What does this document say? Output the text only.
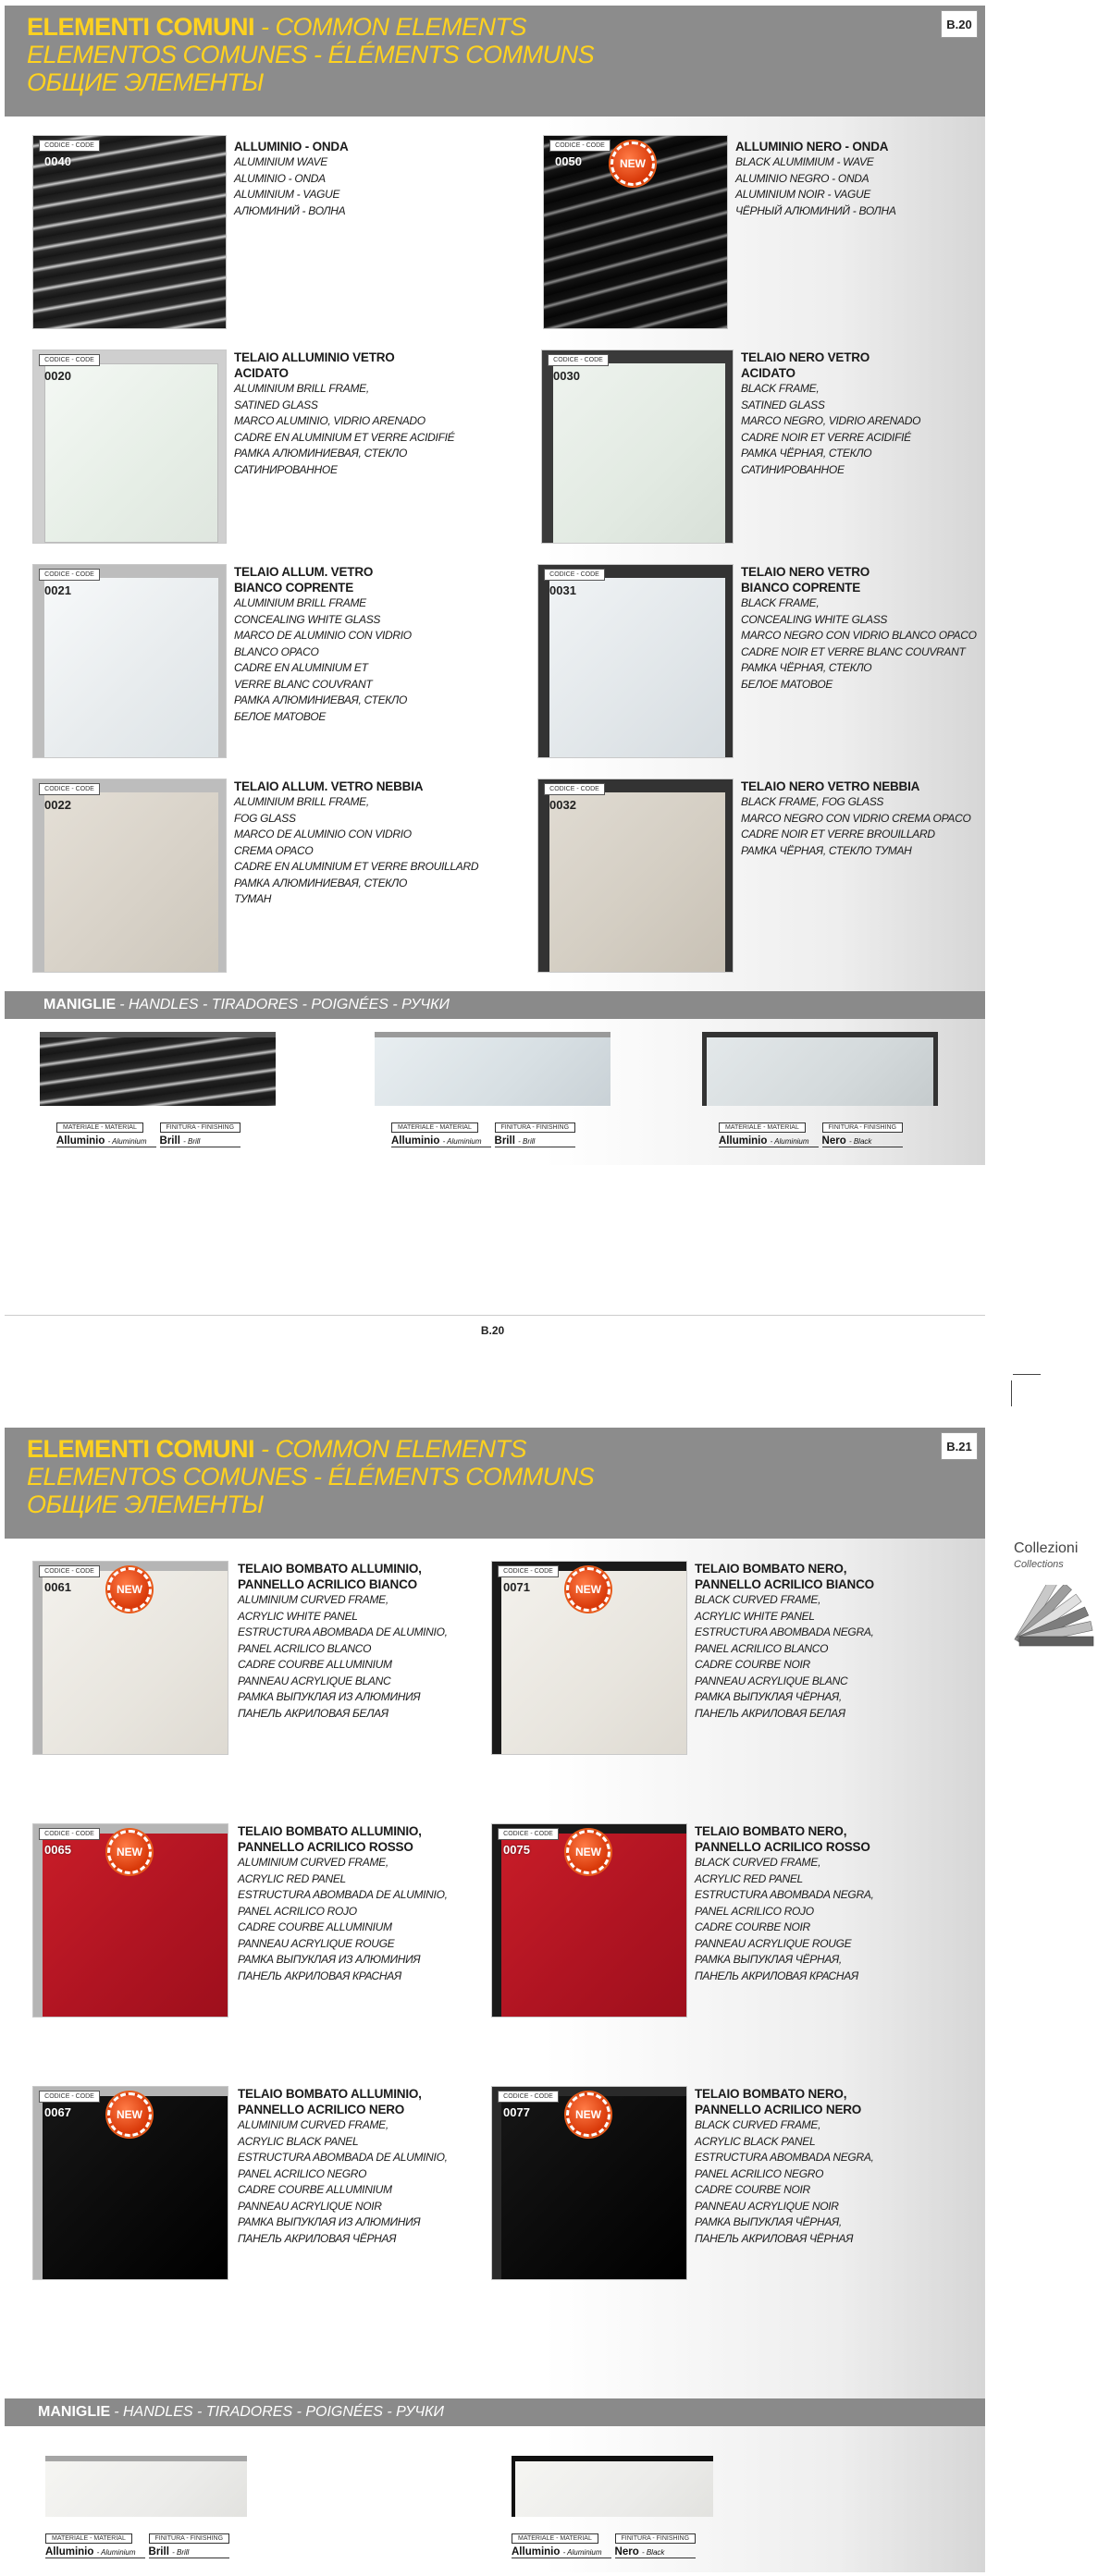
ELEMENTI COMUNI - COMMON ELEMENTS
ELEMENTOS COMUNES - ÉLÉMENTS COMMUNS
ОБЩИЕ ЭЛЕМЕНТЫ
B.20
CODICE - CODE
0040
ALLUMINIO - ONDA
ALUMINIUM WAVE
ALUMINIO - ONDA
ALUMINIUM - VAGUE
АЛЮМИНИЙ - ВОЛНА
CODICE - CODE
0050	NEW
ALLUMINIO NERO - ONDA
BLACK ALUMIMIUM - WAVE
ALUMINIO NEGRO - ONDA
ALUMINIUM NOIR - VAGUE
ЧЁРНЫЙ АЛЮМИНИЙ - ВОЛНА
CODICE - CODE
0020
TELAIO ALLUMINIO VETRO
ACIDATO
ALUMINIUM BRILL FRAME,
SATINED GLASS
MARCO ALUMINIO, VIDRIO ARENADO
CADRE EN ALUMINIUM ET VERRE ACIDIFIÉ
РАМКА АЛЮМИНИЕВАЯ, СТЕКЛО
САТИНИРОВАННОЕ
CODICE - CODE
0030
TELAIO NERO VETRO
ACIDATO
BLACK FRAME,
SATINED GLASS
MARCO NEGRO, VIDRIO ARENADO
CADRE NOIR ET VERRE ACIDIFIÉ
РАМКА ЧЁРНАЯ, СТЕКЛО
САТИНИРОВАННОЕ
CODICE - CODE
0021
TELAIO ALLUM. VETRO
BIANCO COPRENTE
ALUMINIUM BRILL FRAME
CONCEALING WHITE GLASS
MARCO DE ALUMINIO CON VIDRIO
BLANCO OPACO
CADRE EN ALUMINIUM ET
VERRE BLANC COUVRANT
РАМКА АЛЮМИНИЕВАЯ, СТЕКЛО
БЕЛОЕ МАТОВОЕ
CODICE - CODE
0031
TELAIO NERO VETRO
BIANCO COPRENTE
BLACK FRAME,
CONCEALING WHITE GLASS
MARCO NEGRO CON VIDRIO BLANCO OPACO
CADRE NOIR ET VERRE BLANC COUVRANT
РАМКА ЧЁРНАЯ, СТЕКЛО
БЕЛОЕ МАТОВОЕ
CODICE - CODE
0022
TELAIO ALLUM. VETRO NEBBIA
ALUMINIUM BRILL FRAME,
FOG GLASS
MARCO DE ALUMINIO CON VIDRIO
CREMA OPACO
CADRE EN ALUMINIUM ET VERRE BROUILLARD
РАМКА АЛЮМИНИЕВАЯ, СТЕКЛО
ТУМАН
CODICE - CODE
0032
TELAIO NERO VETRO NEBBIA
BLACK FRAME, FOG GLASS
MARCO NEGRO CON VIDRIO CREMA OPACO
CADRE NOIR ET VERRE BROUILLARD
РАМКА ЧЁРНАЯ, СТЕКЛО ТУМАН
MANIGLIE - HANDLES - TIRADORES - POIGNÉES - РУЧКИ
MATERIALE - MATERIAL
Alluminio - Aluminium
FINITURA - FINISHING
Brill - Brill
MATERIALE - MATERIAL
Alluminio - Aluminium
FINITURA - FINISHING
Brill - Brill
MATERIALE - MATERIAL
Alluminio - Aluminium
FINITURA - FINISHING
Nero - Black
B.20
ELEMENTI COMUNI - COMMON ELEMENTS
ELEMENTOS COMUNES - ÉLÉMENTS COMMUNS
ОБЩИЕ ЭЛЕМЕНТЫ
B.21
CODICE - CODE
0061	NEW
TELAIO BOMBATO ALLUMINIO,
PANNELLO ACRILICO BIANCO
ALUMINIUM CURVED FRAME,
ACRYLIC WHITE PANEL
ESTRUCTURA ABOMBADA DE ALUMINIO,
PANEL ACRILICO BLANCO
CADRE COURBE ALLUMINIUM
PANNEAU ACRYLIQUE BLANC
РАМКА ВЫПУКЛАЯ ИЗ АЛЮМИНИЯ
ПАНЕЛЬ АКРИЛОВАЯ БЕЛАЯ
CODICE - CODE
0071	NEW
TELAIO BOMBATO NERO,
PANNELLO ACRILICO BIANCO
BLACK CURVED FRAME,
ACRYLIC WHITE PANEL
ESTRUCTURA ABOMBADA NEGRA,
PANEL ACRILICO BLANCO
CADRE COURBE NOIR
PANNEAU ACRYLIQUE BLANC
РАМКА ВЫПУКЛАЯ ЧЁРНАЯ,
ПАНЕЛЬ АКРИЛОВАЯ БЕЛАЯ
CODICE - CODE
0065	NEW
TELAIO BOMBATO ALLUMINIO,
PANNELLO ACRILICO ROSSO
ALUMINIUM CURVED FRAME,
ACRYLIC RED PANEL
ESTRUCTURA ABOMBADA DE ALUMINIO,
PANEL ACRILICO ROJO
CADRE COURBE ALLUMINIUM
PANNEAU ACRYLIQUE ROUGE
РАМКА ВЫПУКЛАЯ ИЗ АЛЮМИНИЯ
ПАНЕЛЬ АКРИЛОВАЯ КРАСНАЯ
CODICE - CODE
0075	NEW
TELAIO BOMBATO NERO,
PANNELLO ACRILICO ROSSO
BLACK CURVED FRAME,
ACRYLIC RED PANEL
ESTRUCTURA ABOMBADA NEGRA,
PANEL ACRILICO ROJO
CADRE COURBE NOIR
PANNEAU ACRYLIQUE ROUGE
РАМКА ВЫПУКЛАЯ ЧЁРНАЯ,
ПАНЕЛЬ АКРИЛОВАЯ КРАСНАЯ
CODICE - CODE
0067	NEW
TELAIO BOMBATO ALLUMINIO,
PANNELLO ACRILICO NERO
ALUMINIUM CURVED FRAME,
ACRYLIC BLACK PANEL
ESTRUCTURA ABOMBADA DE ALUMINIO,
PANEL ACRILICO NEGRO
CADRE COURBE ALLUMINIUM
PANNEAU ACRYLIQUE NOIR
РАМКА ВЫПУКЛАЯ ИЗ АЛЮМИНИЯ
ПАНЕЛЬ АКРИЛОВАЯ ЧЁРНАЯ
CODICE - CODE
0077	NEW
TELAIO BOMBATO NERO,
PANNELLO ACRILICO NERO
BLACK CURVED FRAME,
ACRYLIC BLACK PANEL
ESTRUCTURA ABOMBADA NEGRA,
PANEL ACRILICO NEGRO
CADRE COURBE NOIR
PANNEAU ACRYLIQUE NOIR
РАМКА ВЫПУКЛАЯ ЧЁРНАЯ,
ПАНЕЛЬ АКРИЛОВАЯ ЧЁРНАЯ
MANIGLIE - HANDLES - TIRADORES - POIGNÉES - РУЧКИ
MATERIALE - MATERIAL
Alluminio - Aluminium
FINITURA - FINISHING
Brill - Brill
MATERIALE - MATERIAL
Alluminio - Aluminium
FINITURA - FINISHING
Nero - Black
Collezioni
Collections
